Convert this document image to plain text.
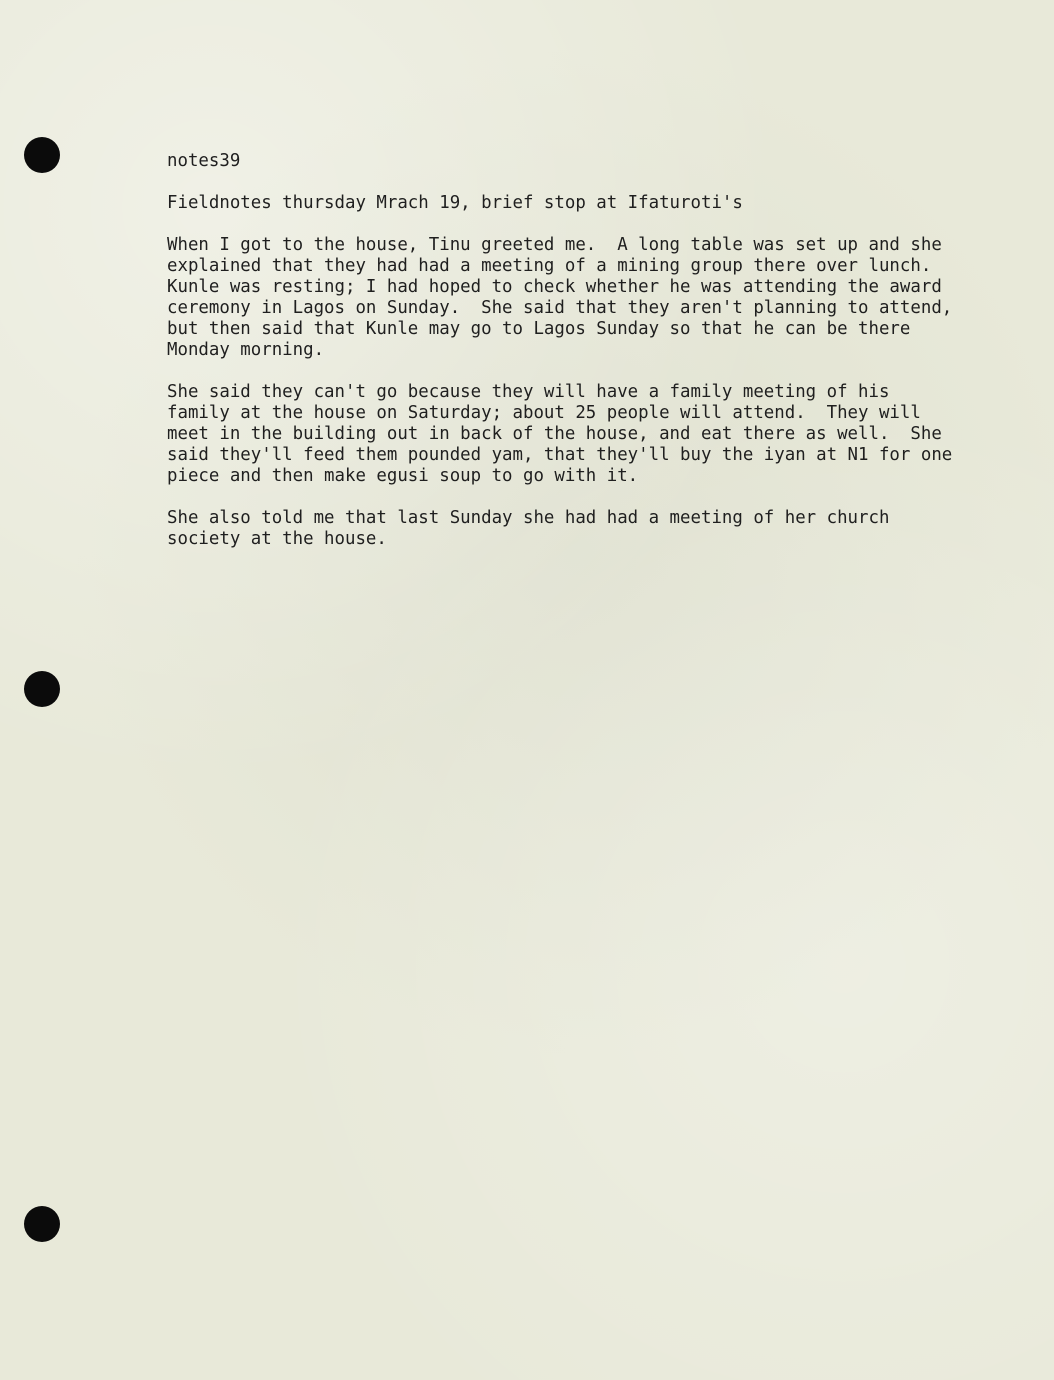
notes39
Fieldnotes thursday Mrach 19, brief stop at Ifaturoti's
When I got to the house, Tinu greeted me.  A long table was set up and she
explained that they had had a meeting of a mining group there over lunch.
Kunle was resting; I had hoped to check whether he was attending the award
ceremony in Lagos on Sunday.  She said that they aren't planning to attend,
but then said that Kunle may go to Lagos Sunday so that he can be there
Monday morning.
She said they can't go because they will have a family meeting of his
family at the house on Saturday; about 25 people will attend.  They will
meet in the building out in back of the house, and eat there as well.  She
said they'll feed them pounded yam, that they'll buy the iyan at N1 for one
piece and then make egusi soup to go with it.
She also told me that last Sunday she had had a meeting of her church
society at the house.
